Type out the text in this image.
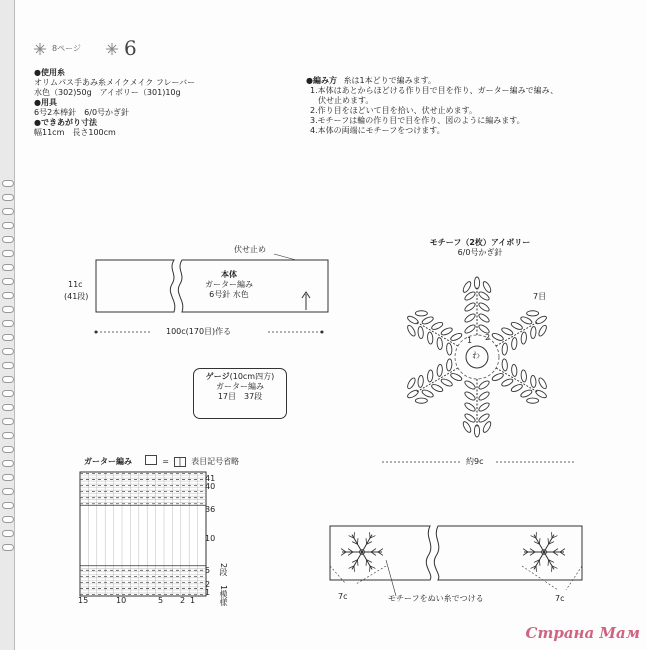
8ページ 6
●使用糸
オリムパス手あみ糸メイクメイク フレーバー
水色（302)50g　アイボリー（301)10g
●用具
6号2本棒針　6/0号かぎ針
●できあがり寸法
幅11cm　長さ100cm
●編み方 糸は1本どりで編みます。
1.本体はあとからほどける作り目で目を作り、ガーター編みで編み、
　伏せ止めます。
2.作り目をほどいて目を拾い、伏せ止めます。
3.モチーフは輪の作り目で目を作り、図のように編みます。
4.本体の両端にモチーフをつけます。
伏せ止め
11c
(41段)
本体
ガーター編み
6号針 水色
100c(170目)作る
ゲージ(10cm四方)
ガーター編み
17目　37段
モチーフ（2枚）アイボリー
6/0号かぎ針
7目
わ
1 2
約9c
ガーター編み	= | 表目記号省略
41
40
36
10
5
2
1
15	10	5 2 1
2段
1模様	7c	モチーフをぬい糸でつける	7c
Страна Мам
